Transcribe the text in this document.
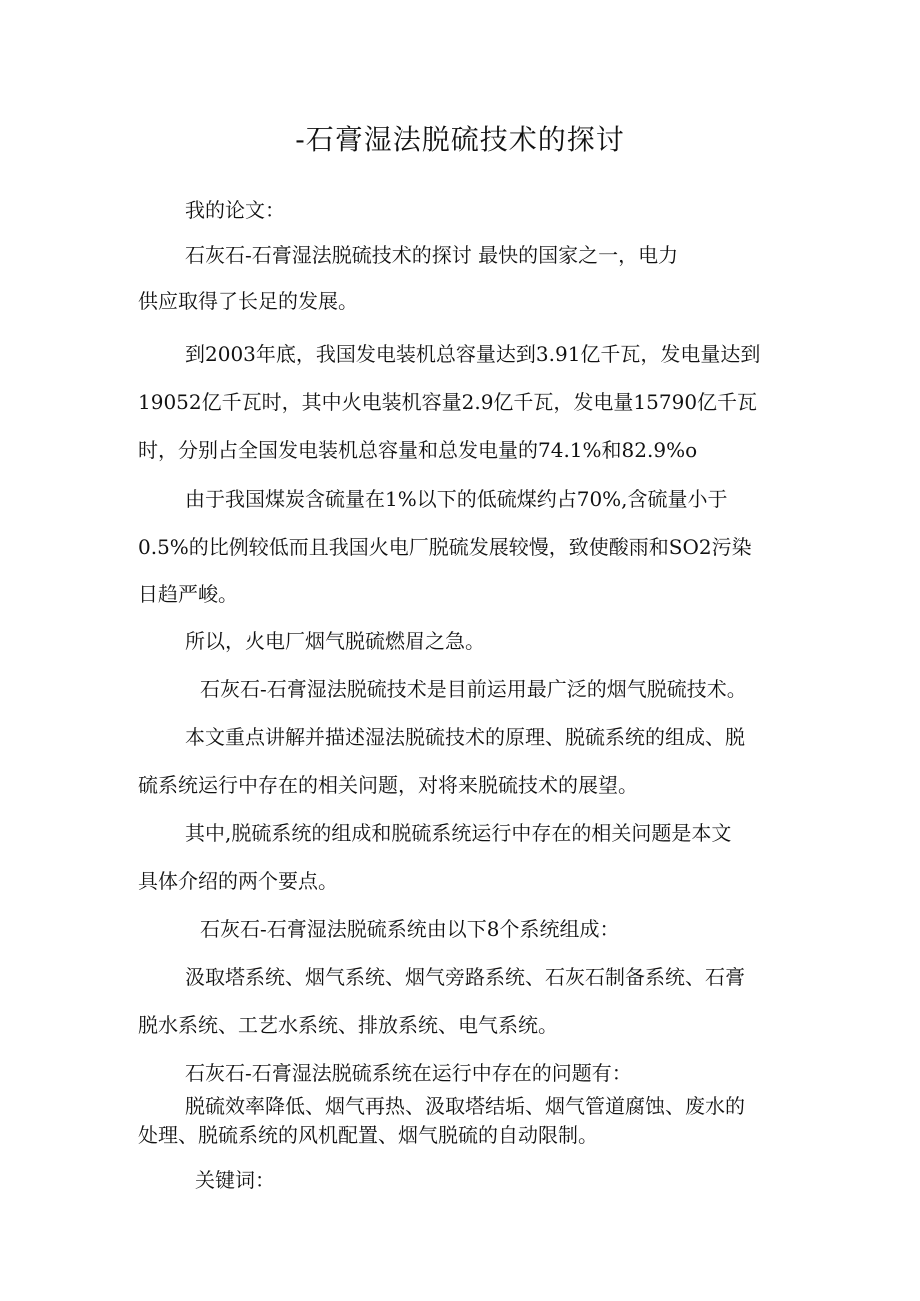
-石膏湿法脱硫技术的探讨
我的论文：
石灰石-石膏湿法脱硫技术的探讨 最快的国家之一，电力
供应取得了长足的发展。
到2003年底，我国发电装机总容量达到3.91亿千瓦，发电量达到
19052亿千瓦时，其中火电装机容量2.9亿千瓦，发电量15790亿千瓦
时，分别占全国发电装机总容量和总发电量的74.1%和82.9%o
由于我国煤炭含硫量在1%以下的低硫煤约占70%,含硫量小于
0.5%的比例较低而且我国火电厂脱硫发展较慢，致使酸雨和SO2污染
日趋严峻。
所以，火电厂烟气脱硫燃眉之急。
石灰石-石膏湿法脱硫技术是目前运用最广泛的烟气脱硫技术。
本文重点讲解并描述湿法脱硫技术的原理、脱硫系统的组成、脱
硫系统运行中存在的相关问题，对将来脱硫技术的展望。
其中,脱硫系统的组成和脱硫系统运行中存在的相关问题是本文
具体介绍的两个要点。
石灰石-石膏湿法脱硫系统由以下8个系统组成：
汲取塔系统、烟气系统、烟气旁路系统、石灰石制备系统、石膏
脱水系统、工艺水系统、排放系统、电气系统。
石灰石-石膏湿法脱硫系统在运行中存在的问题有：
脱硫效率降低、烟气再热、汲取塔结垢、烟气管道腐蚀、废水的
处理、脱硫系统的风机配置、烟气脱硫的自动限制。
关键词：
